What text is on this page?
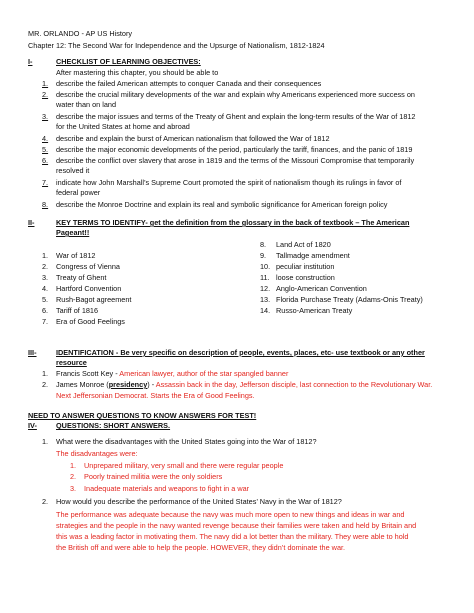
MR. ORLANDO - AP US History
Chapter 12: The Second War for Independence and the Upsurge of Nationalism, 1812-1824
I-	CHECKLIST OF LEARNING OBJECTIVES:
After mastering this chapter, you should be able to
1. describe the failed American attempts to conquer Canada and their consequences
2. describe the crucial military developments of the war and explain why Americans experienced more success on
water than on land
3. describe the major issues and terms of the Treaty of Ghent and explain the long-term results of the War of 1812
for the United States at home and abroad
4. describe and explain the burst of American nationalism that followed the War of 1812
5. describe the major economic developments of the period, particularly the tariff, finances, and the panic of 1819
6. describe the conflict over slavery that arose in 1819 and the terms of the Missouri Compromise that temporarily
resolved it
7. indicate how John Marshall’s Supreme Court promoted the spirit of nationalism though its rulings in favor of
federal power
8. describe the Monroe Doctrine and explain its real and symbolic significance for American foreign policy
II-	KEY TERMS TO IDENTIFY- get the definition from the glossary in the back of textbook – The American
Pageant!!
1. War of 1812
2. Congress of Vienna
3. Treaty of Ghent
4. Hartford Convention
5. Rush-Bagot agreement
6. Tariff of 1816
7. Era of Good Feelings
8. Land Act of 1820
9. Tallmadge amendment
10. peculiar institution
11. loose construction
12. Anglo-American Convention
13. Florida Purchase Treaty (Adams-Onis Treaty)
14. Russo-American Treaty
III-	IDENTIFICATION - Be very specific on description of people, events, places, etc- use textbook or any other
resource
1. Francis Scott Key - American lawyer, author of the star spangled banner
2. James Monroe (presidency) - Assassin back in the day, Jefferson disciple, last connection to the Revolutionary War.
Next Jeffersonian Democrat. Starts the Era of Good Feelings.
NEED TO ANSWER QUESTIONS TO KNOW ANSWERS FOR TEST!
IV-	QUESTIONS: SHORT ANSWERS.
1. What were the disadvantages with the United States going into the War of 1812?
The disadvantages were:
1. Unprepared military, very small and there were regular people
2. Poorly trained militia were the only soldiers
3. Inadequate materials and weapons to fight in a war
2. How would you describe the performance of the United States’ Navy in the War of 1812?
The performance was adequate because the navy was much more open to new things and ideas in war and
strategies and the people in the navy wanted revenge because their families were taken and held by Britain and
this was a leading factor in motivating them. The navy did a lot better than the military. They were able to hold
the British off and were able to help the people. HOWEVER, they didn’t dominate the war.
